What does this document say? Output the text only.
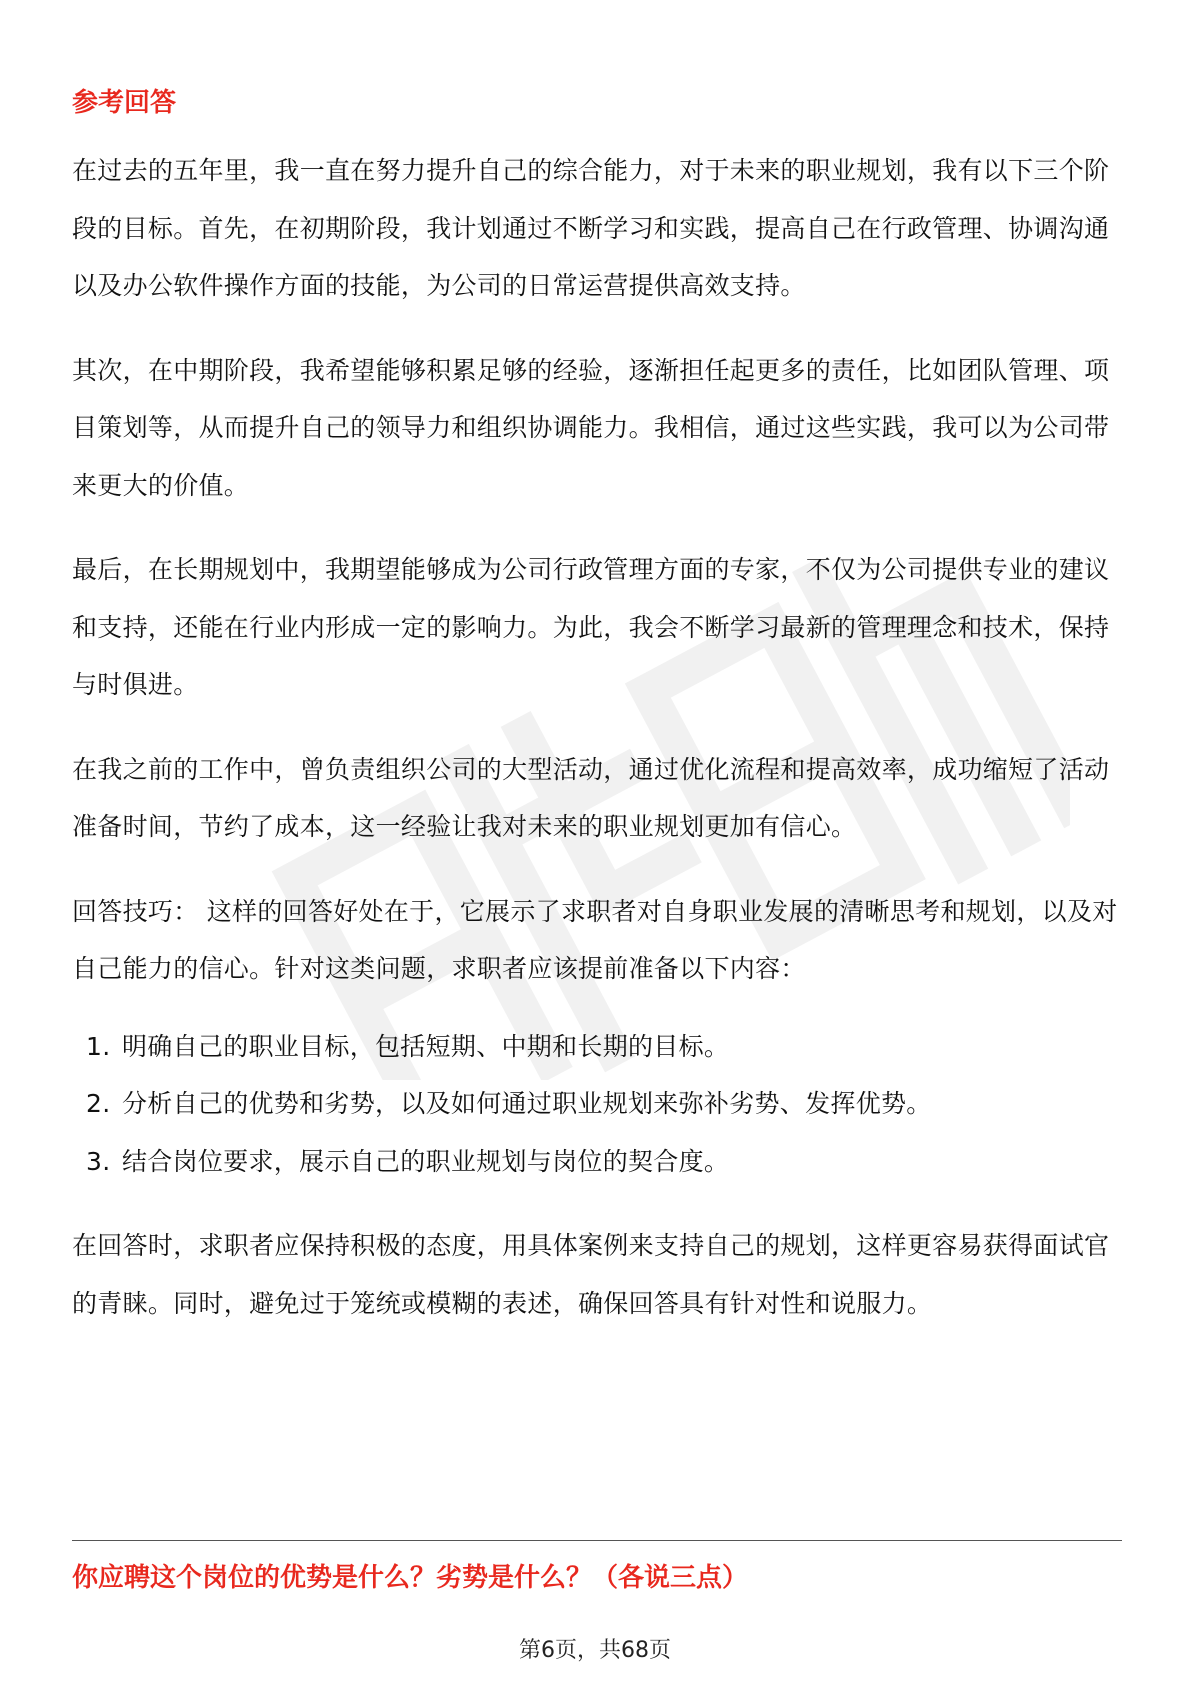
参考回答

在过去的五年里，我一直在努力提升自己的综合能力，对于未来的职业规划，我有以下三个阶段的目标。首先，在初期阶段，我计划通过不断学习和实践，提高自己在行政管理、协调沟通以及办公软件操作方面的技能，为公司的日常运营提供高效支持。

其次，在中期阶段，我希望能够积累足够的经验，逐渐担任起更多的责任，比如团队管理、项目策划等，从而提升自己的领导力和组织协调能力。我相信，通过这些实践，我可以为公司带来更大的价值。

最后，在长期规划中，我期望能够成为公司行政管理方面的专家，不仅为公司提供专业的建议和支持，还能在行业内形成一定的影响力。为此，我会不断学习最新的管理理念和技术，保持与时俱进。

在我之前的工作中，曾负责组织公司的大型活动，通过优化流程和提高效率，成功缩短了活动准备时间，节约了成本，这一经验让我对未来的职业规划更加有信心。

回答技巧： 这样的回答好处在于，它展示了求职者对自身职业发展的清晰思考和规划，以及对自己能力的信心。针对这类问题，求职者应该提前准备以下内容：

1. 明确自己的职业目标，包括短期、中期和长期的目标。
2. 分析自己的优势和劣势，以及如何通过职业规划来弥补劣势、发挥优势。
3. 结合岗位要求，展示自己的职业规划与岗位的契合度。

在回答时，求职者应保持积极的态度，用具体案例来支持自己的规划，这样更容易获得面试官的青睐。同时，避免过于笼统或模糊的表述，确保回答具有针对性和说服力。

你应聘这个岗位的优势是什么？劣势是什么？（各说三点）
第6页，共68页
